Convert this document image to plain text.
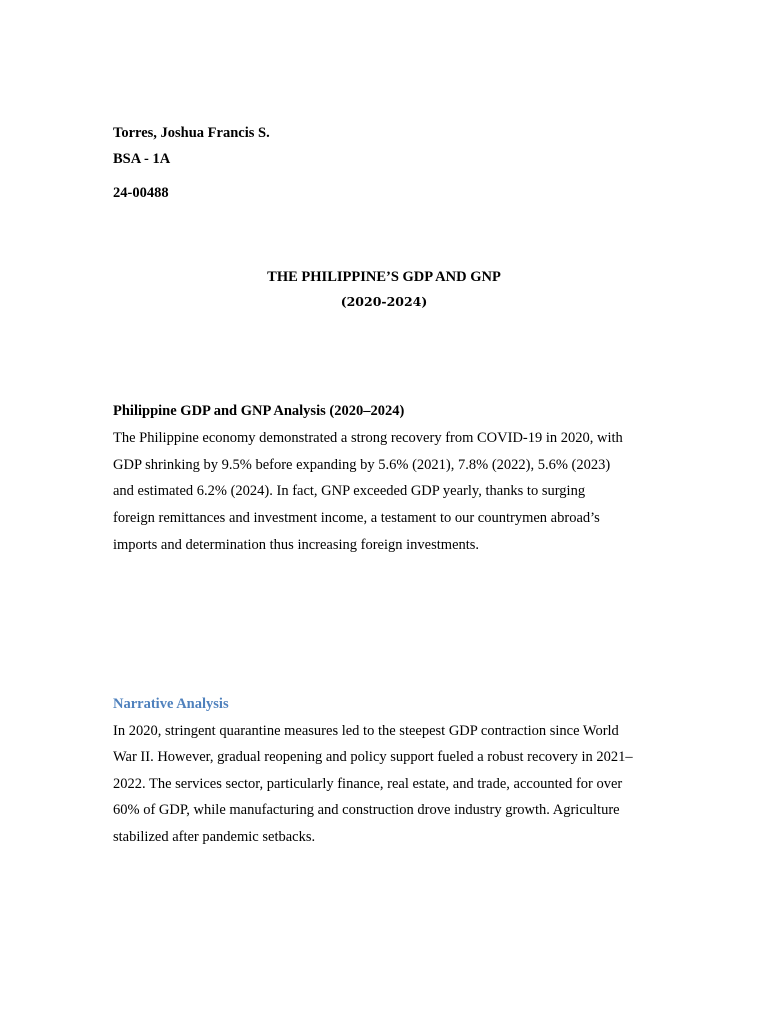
Torres, Joshua Francis S.
BSA - 1A
24-00488
THE PHILIPPINE’S GDP AND GNP
(2020-2024)
Philippine GDP and GNP Analysis (2020–2024)
The Philippine economy demonstrated a strong recovery from COVID-19 in 2020, with
GDP shrinking by 9.5% before expanding by 5.6% (2021), 7.8% (2022), 5.6% (2023)
and estimated 6.2% (2024). In fact, GNP exceeded GDP yearly, thanks to surging
foreign remittances and investment income, a testament to our countrymen abroad’s
imports and determination thus increasing foreign investments.
Narrative Analysis
In 2020, stringent quarantine measures led to the steepest GDP contraction since World
War II. However, gradual reopening and policy support fueled a robust recovery in 2021–
2022. The services sector, particularly finance, real estate, and trade, accounted for over
60% of GDP, while manufacturing and construction drove industry growth. Agriculture
stabilized after pandemic setbacks.
